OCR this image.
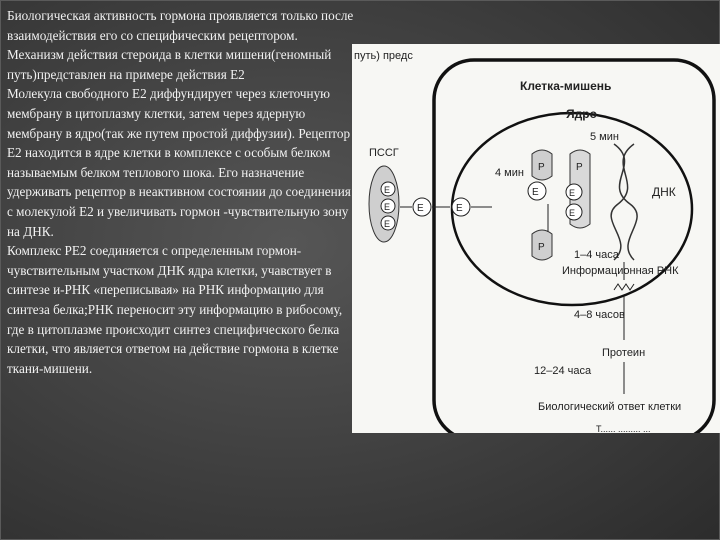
Биологическая активность гормона проявляется только после взаимодействия его со специфическим рецептором.

Механизм действия стероида в клетки мишени(геномный путь)представлен на примере действия Е2

Молекула свободного Е2 диффундирует через клеточную мембрану в цитоплазму клетки, затем через ядерную мембрану в ядро(так же путем простой диффузии). Рецептор Е2 находится в ядре клетки в комплексе с особым белком называемым белком теплового шока. Его назначение удерживать рецептор в неактивном состоянии до соединения с молекулой Е2 и увеличивать гормон -чувствительную зону на ДНК.

Комплекс РЕ2 соединяется с определенным гормон-чувствительным участком ДНК ядра клетки, учавствует в синтезе и-РНК «переписывая» на РНК информацию для синтеза белка;РНК переносит эту информацию в рибосому, где в цитоплазме происходит синтез специфического белка клетки, что является ответом на действие гормона в клетке ткани-мишени.

путь) предс
Клетка-мишень
Ядро
ПССГ
E
E
E
E	E
4 мин P
E
P
5 мин
P
E
E
ДНК
1–4 часа
Информационная РНК
4–8 часов
Протеин
12–24 часа
Биологический ответ клетки
Т...... ......... ...
